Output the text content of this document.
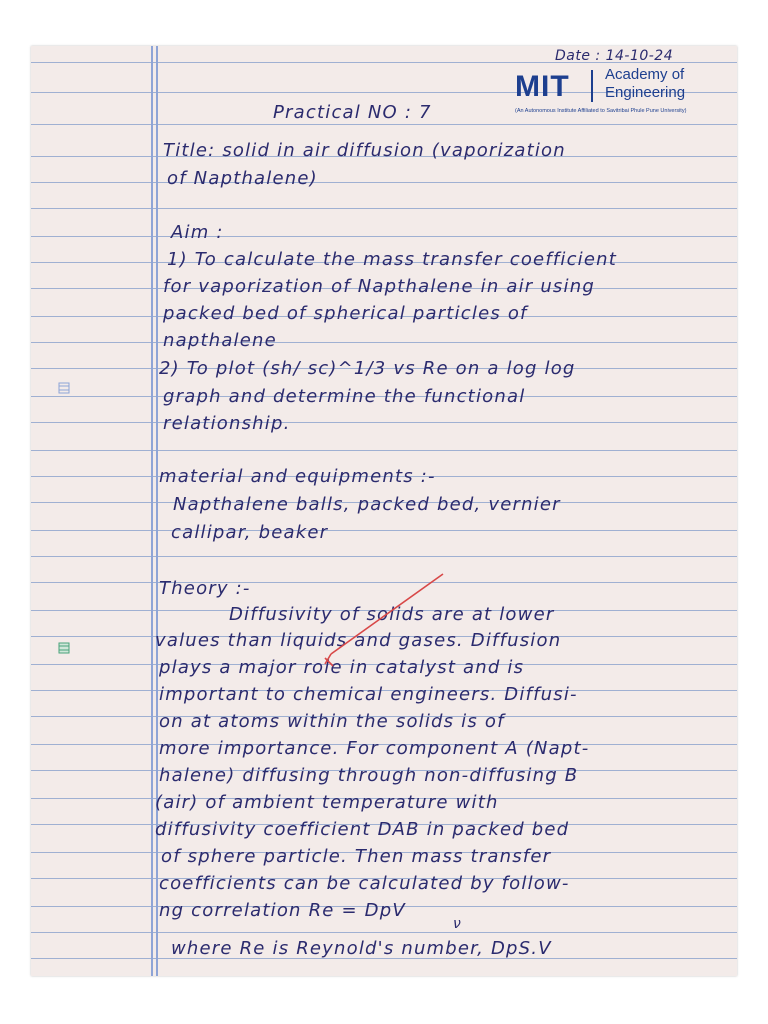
Date : 14-10-24
MIT Academy of
Engineering
(An Autonomous Institute Affiliated to Savitribai Phule Pune University)
Practical NO : 7
Title: solid in air diffusion (vaporization
of Napthalene)
Aim :
1) To calculate the mass transfer coefficient
for vaporization of Napthalene in air using
packed bed of spherical particles of
napthalene
2) To plot (sh/ sc)^1/3 vs Re on a log log
graph and determine the functional
relationship.
material and equipments :-
Napthalene balls, packed bed, vernier
callipar, beaker
Theory :-
Diffusivity of solids are at lower
values than liquids and gases. Diffusion
plays a major role in catalyst and is
important to chemical engineers. Diffusi-
on at atoms within the solids is of
more importance. For component A (Napt-
halene) diffusing through non-diffusing B
(air) of ambient temperature with
diffusivity coefficient DAB in packed bed
of sphere particle. Then mass transfer
coefficients can be calculated by follow-
ng correlation Re = DpV
ν
where Re is Reynold's number, DpS.V
